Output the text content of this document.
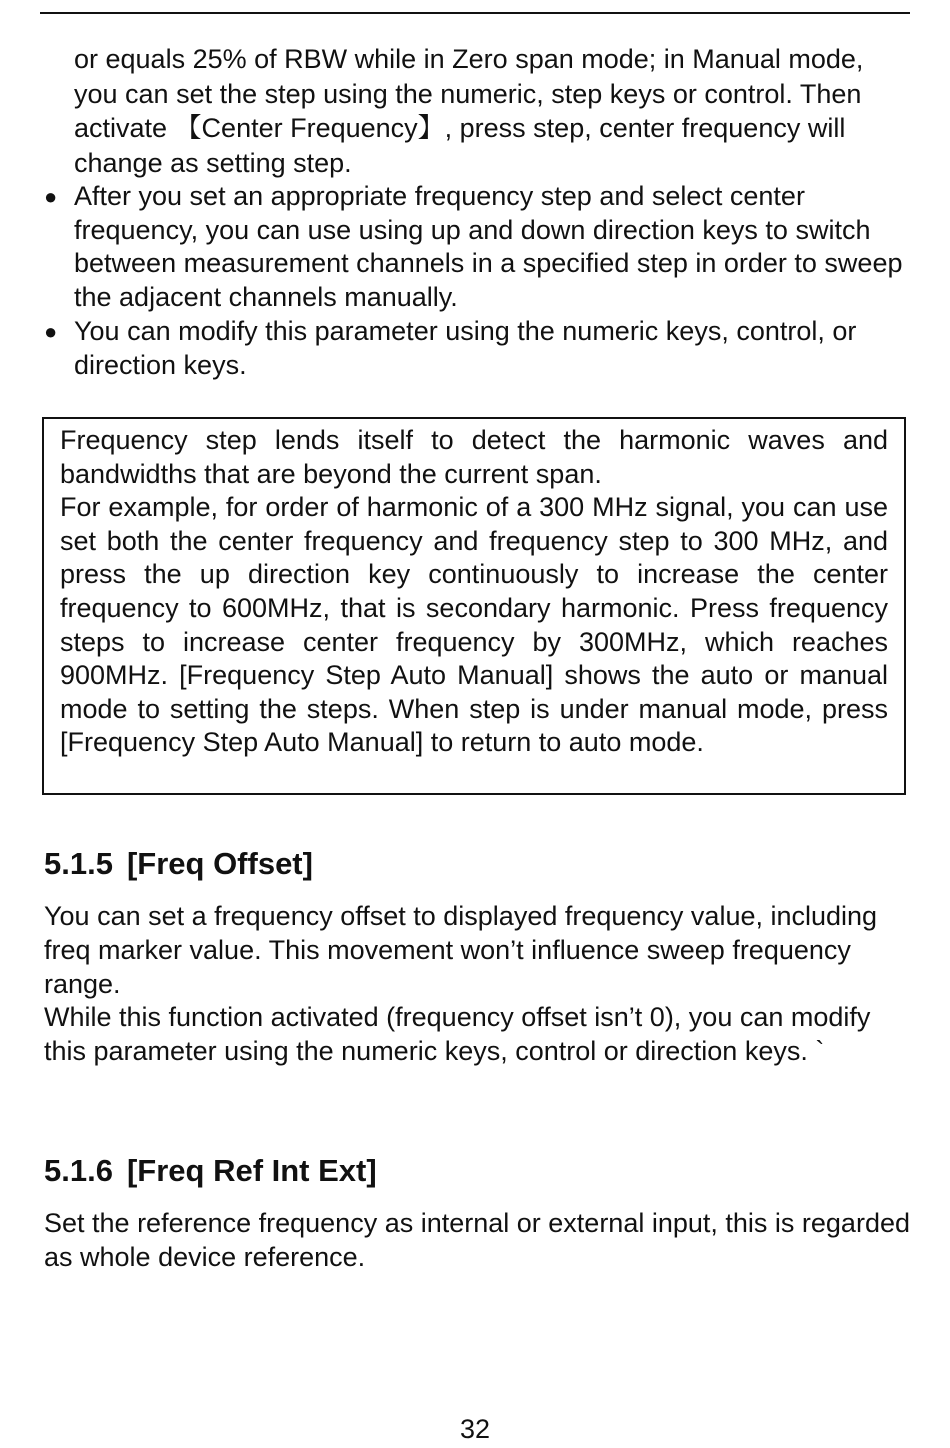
or equals 25% of RBW while in Zero span mode; in Manual mode, you can set the step using the numeric, step keys or control. Then activate 【Center Frequency】, press step, center frequency will change as setting step.

● After you set an appropriate frequency step and select center frequency, you can use using up and down direction keys to switch between measurement channels in a specified step in order to sweep the adjacent channels manually.
● You can modify this parameter using the numeric keys, control, or direction keys.

Frequency step lends itself to detect the harmonic waves and bandwidths that are beyond the current span.

For example, for order of harmonic of a 300 MHz signal, you can use set both the center frequency and frequency step to 300 MHz, and press the up direction key continuously to increase the center frequency to 600MHz, that is secondary harmonic. Press frequency steps to increase center frequency by 300MHz, which reaches 900MHz. [Frequency Step Auto Manual] shows the auto or manual mode to setting the steps. When step is under manual mode, press [Frequency Step Auto Manual] to return to auto mode.

5.1.5 [Freq Offset]

You can set a frequency offset to displayed frequency value, including freq marker value. This movement won’t influence sweep frequency range.

While this function activated (frequency offset isn’t 0), you can modify this parameter using the numeric keys, control or direction keys. `

5.1.6 [Freq Ref Int Ext]

Set the reference frequency as internal or external input, this is regarded as whole device reference.

32
